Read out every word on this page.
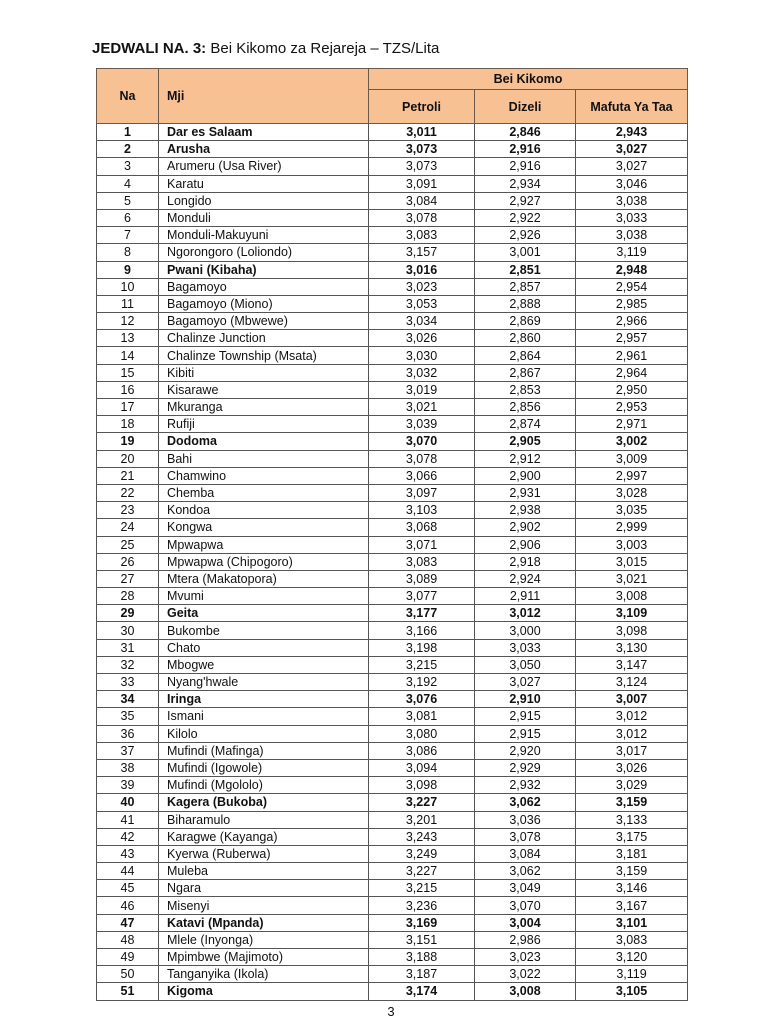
JEDWALI NA. 3: Bei Kikomo za Rejareja – TZS/Lita
Na	Mji	Bei Kikomo		
		Petroli	Dizeli	Mafuta Ya Taa
1	Dar es Salaam	3,011	2,846	2,943
2	Arusha	3,073	2,916	3,027
3	Arumeru (Usa River)	3,073	2,916	3,027
4	Karatu	3,091	2,934	3,046
5	Longido	3,084	2,927	3,038
6	Monduli	3,078	2,922	3,033
7	Monduli-Makuyuni	3,083	2,926	3,038
8	Ngorongoro (Loliondo)	3,157	3,001	3,119
9	Pwani (Kibaha)	3,016	2,851	2,948
10	Bagamoyo	3,023	2,857	2,954
11	Bagamoyo (Miono)	3,053	2,888	2,985
12	Bagamoyo (Mbwewe)	3,034	2,869	2,966
13	Chalinze Junction	3,026	2,860	2,957
14	Chalinze Township (Msata)	3,030	2,864	2,961
15	Kibiti	3,032	2,867	2,964
16	Kisarawe	3,019	2,853	2,950
17	Mkuranga	3,021	2,856	2,953
18	Rufiji	3,039	2,874	2,971
19	Dodoma	3,070	2,905	3,002
20	Bahi	3,078	2,912	3,009
21	Chamwino	3,066	2,900	2,997
22	Chemba	3,097	2,931	3,028
23	Kondoa	3,103	2,938	3,035
24	Kongwa	3,068	2,902	2,999
25	Mpwapwa	3,071	2,906	3,003
26	Mpwapwa (Chipogoro)	3,083	2,918	3,015
27	Mtera (Makatopora)	3,089	2,924	3,021
28	Mvumi	3,077	2,911	3,008
29	Geita	3,177	3,012	3,109
30	Bukombe	3,166	3,000	3,098
31	Chato	3,198	3,033	3,130
32	Mbogwe	3,215	3,050	3,147
33	Nyang'hwale	3,192	3,027	3,124
34	Iringa	3,076	2,910	3,007
35	Ismani	3,081	2,915	3,012
36	Kilolo	3,080	2,915	3,012
37	Mufindi (Mafinga)	3,086	2,920	3,017
38	Mufindi (Igowole)	3,094	2,929	3,026
39	Mufindi (Mgololo)	3,098	2,932	3,029
40	Kagera (Bukoba)	3,227	3,062	3,159
41	Biharamulo	3,201	3,036	3,133
42	Karagwe (Kayanga)	3,243	3,078	3,175
43	Kyerwa (Ruberwa)	3,249	3,084	3,181
44	Muleba	3,227	3,062	3,159
45	Ngara	3,215	3,049	3,146
46	Misenyi	3,236	3,070	3,167
47	Katavi (Mpanda)	3,169	3,004	3,101
48	Mlele (Inyonga)	3,151	2,986	3,083
49	Mpimbwe (Majimoto)	3,188	3,023	3,120
50	Tanganyika (Ikola)	3,187	3,022	3,119
51	Kigoma	3,174	3,008	3,105
3
